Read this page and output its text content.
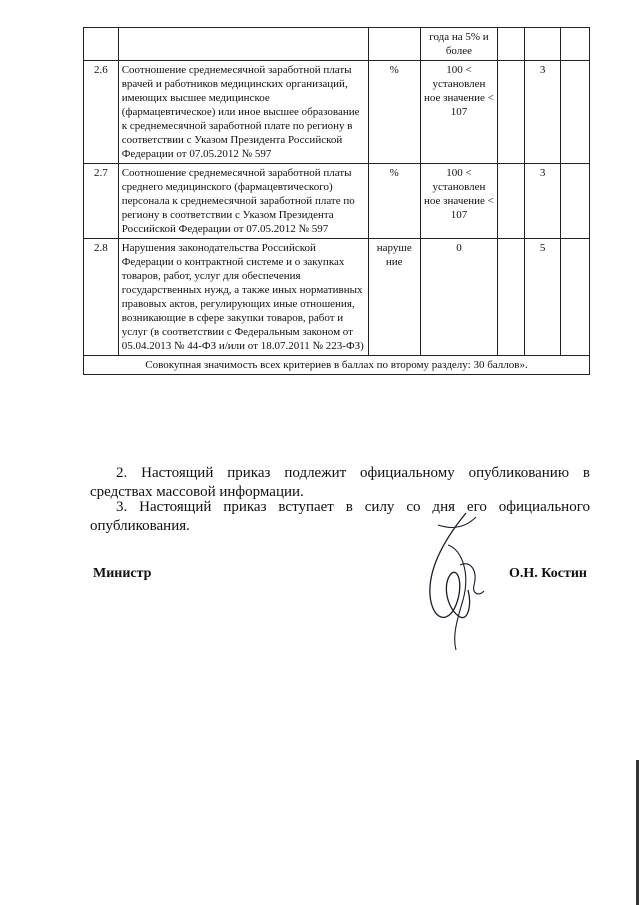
			года на 5% и более			
2.6	Соотношение среднемесячной заработной платы врачей и работников медицинских организаций, имеющих высшее медицинское (фармацевтическое) или иное высшее образование к среднемесячной заработной плате по региону в соответствии с Указом Президента Российской Федерации от 07.05.2012 № 597	%	100 < установлен ное значение < 107		3	
2.7	Соотношение среднемесячной заработной платы среднего медицинского (фармацевтического) персонала к среднемесячной заработной плате по региону в соответствии с Указом Президента Российской Федерации от 07.05.2012 № 597	%	100 < установлен ное значение < 107		3	
2.8	Нарушения законодательства Российской Федерации о контрактной системе и о закупках товаров, работ, услуг для обеспечения государственных нужд, а также иных нормативных правовых актов, регулирующих иные отношения, возникающие в сфере закупки товаров, работ и услуг (в соответствии с Федеральным законом от 05.04.2013 № 44-ФЗ и/или от 18.07.2011 № 223-ФЗ)	наруше ние	0		5	
Совокупная значимость всех критериев в баллах по второму разделу: 30 баллов».						
2. Настоящий приказ подлежит официальному опубликованию в средствах массовой информации.
3. Настоящий приказ вступает в силу со дня его официального опубликования.
Министр	О.Н. Костин
